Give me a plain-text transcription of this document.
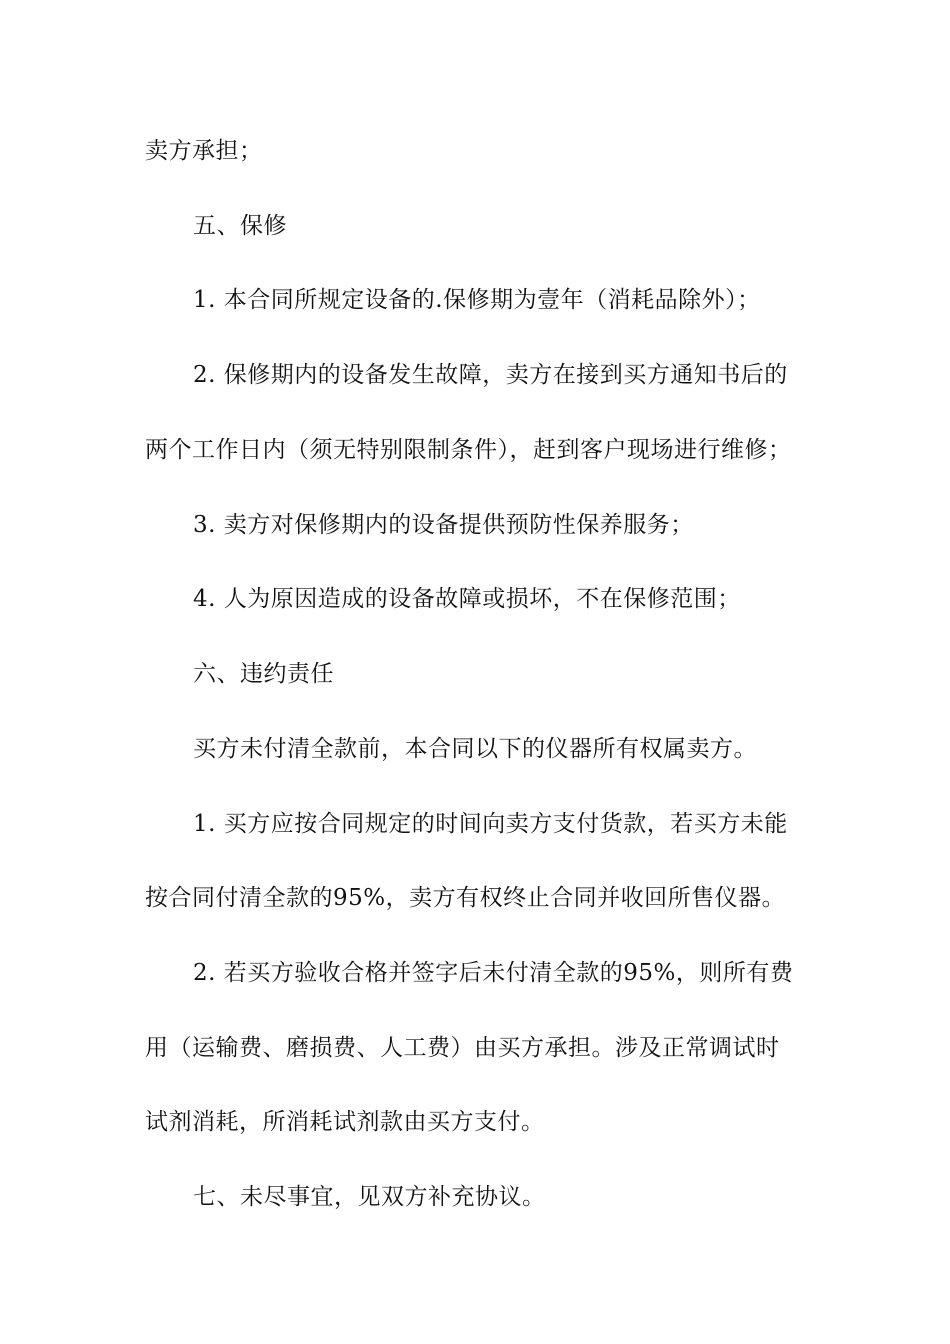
卖方承担；
五、保修
1. 本合同所规定设备的.保修期为壹年（消耗品除外）；
2. 保修期内的设备发生故障，卖方在接到买方通知书后的
两个工作日内（须无特别限制条件），赶到客户现场进行维修；
3. 卖方对保修期内的设备提供预防性保养服务；
4. 人为原因造成的设备故障或损坏，不在保修范围；
六、违约责任
买方未付清全款前，本合同以下的仪器所有权属卖方。
1. 买方应按合同规定的时间向卖方支付货款，若买方未能
按合同付清全款的95%，卖方有权终止合同并收回所售仪器。
2. 若买方验收合格并签字后未付清全款的95%，则所有费
用（运输费、磨损费、人工费）由买方承担。涉及正常调试时
试剂消耗，所消耗试剂款由买方支付。
七、未尽事宜，见双方补充协议。
